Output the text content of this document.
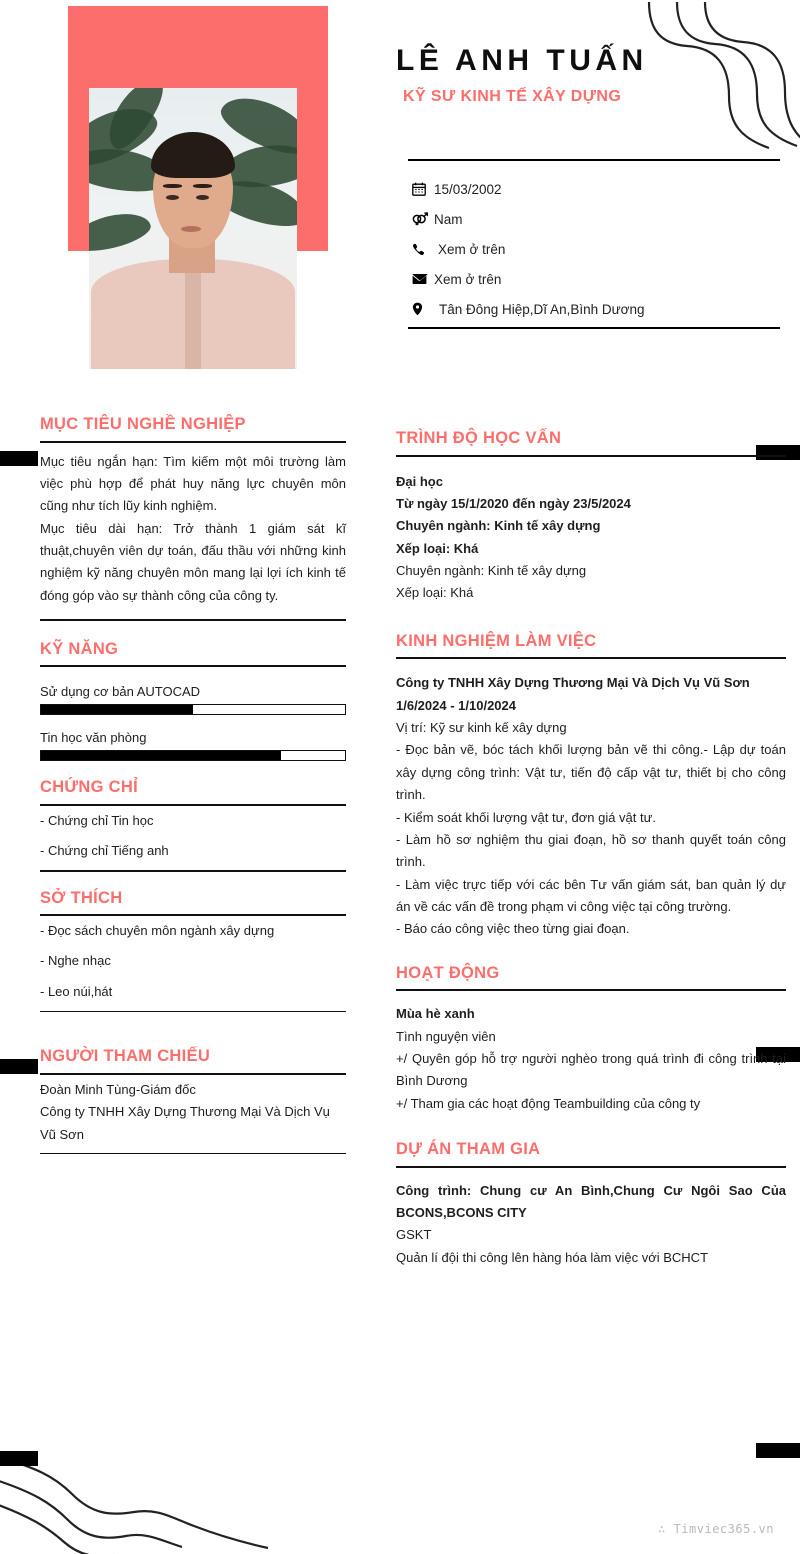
LÊ ANH TUẤN
KỸ SƯ KINH TẾ XÂY DỰNG
15/03/2002
Nam
Xem ở trên
Xem ở trên
Tân Đông Hiệp,Dĩ An,Bình Dương
MỤC TIÊU NGHỀ NGHIỆP
Mục tiêu ngắn hạn: Tìm kiếm một môi trường làm việc phù hợp để phát huy năng lực chuyên môn cũng như tích lũy kinh nghiệm.
Mục tiêu dài hạn: Trở thành 1 giám sát kĩ thuật,chuyên viên dự toán, đấu thầu với những kinh nghiệm kỹ năng chuyên môn mang lại lợi ích kinh tế đóng góp vào sự thành công của công ty.
KỸ NĂNG
Sử dụng cơ bản AUTOCAD
Tin học văn phòng
CHỨNG CHỈ
- Chứng chỉ Tin học
- Chứng chỉ Tiếng anh
SỞ THÍCH
- Đọc sách chuyên môn ngành xây dựng
- Nghe nhạc
- Leo núi,hát
NGƯỜI THAM CHIẾU
Đoàn Minh Tùng-Giám đốc
Công ty TNHH Xây Dựng Thương Mại Và Dịch Vụ Vũ Sơn
TRÌNH ĐỘ HỌC VẤN
Đại học
Từ ngày 15/1/2020 đến ngày 23/5/2024
Chuyên ngành: Kinh tế xây dựng
Xếp loại: Khá
Chuyên ngành: Kinh tế xây dựng
Xếp loại: Khá
KINH NGHIỆM LÀM VIỆC
Công ty TNHH Xây Dựng Thương Mại Và Dịch Vụ Vũ Sơn
1/6/2024 - 1/10/2024
Vị trí: Kỹ sư kinh kế xây dựng
- Đọc bản vẽ, bóc tách khối lượng bản vẽ thi công.- Lập dự toán xây dựng công trình: Vật tư, tiến độ cấp vật tư, thiết bị cho công trình.
- Kiểm soát khối lượng vật tư, đơn giá vật tư.
- Làm hồ sơ nghiệm thu giai đoạn, hồ sơ thanh quyết toán công trình.
- Làm việc trực tiếp với các bên Tư vấn giám sát, ban quản lý dự án về các vấn đề trong phạm vi công việc tại công trường.
- Báo cáo công việc theo từng giai đoạn.
HOẠT ĐỘNG
Mùa hè xanh
Tình nguyện viên
+/ Quyên góp hỗ trợ người nghèo trong quá trình đi công trình tại Bình Dương
+/ Tham gia các hoạt động Teambuilding của công ty
DỰ ÁN THAM GIA
Công trình: Chung cư An Bình,Chung Cư Ngôi Sao Của BCONS,BCONS CITY
GSKT
Quản lí đội thi công lên hàng hóa làm việc với BCHCT
∴ Timviec365.vn
